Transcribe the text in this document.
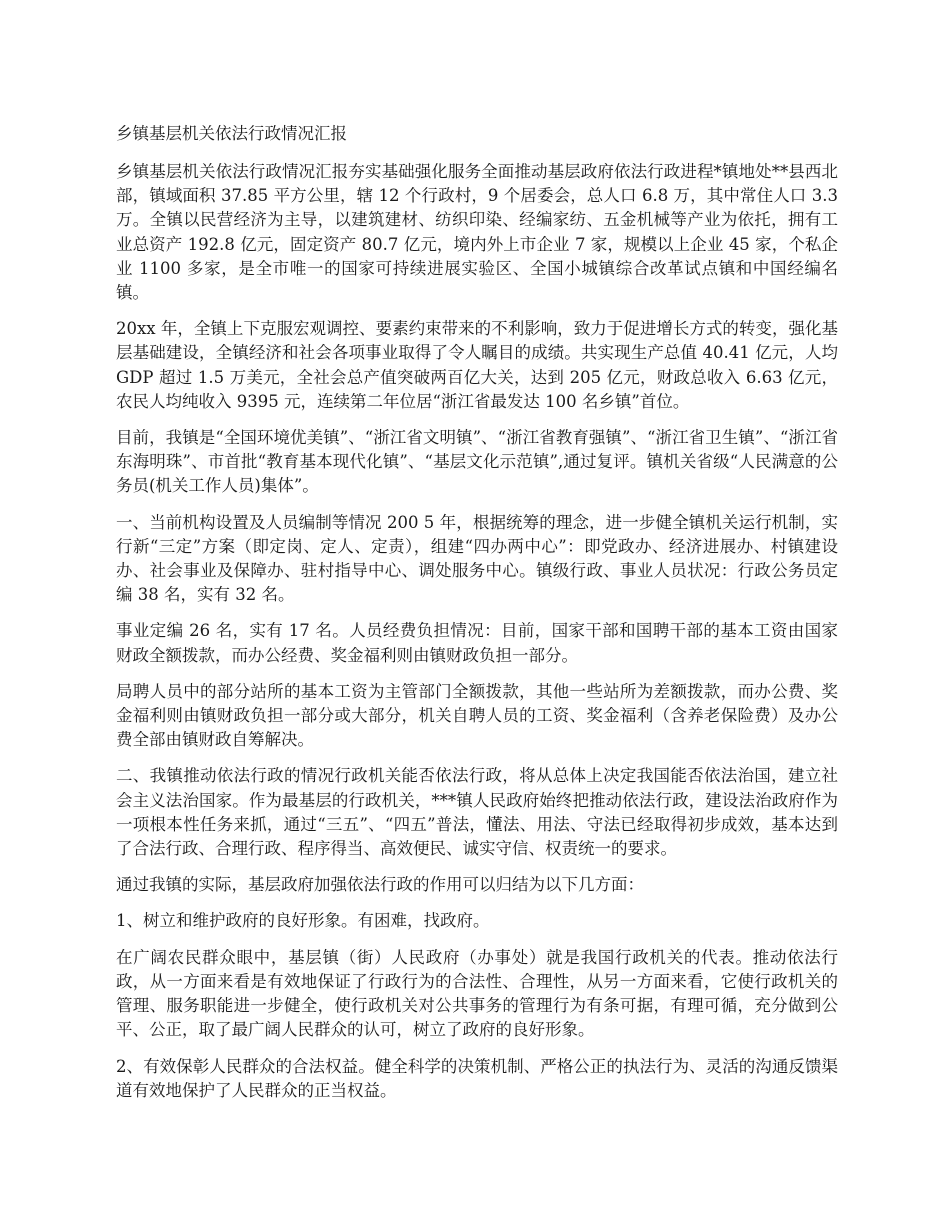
乡镇基层机关依法行政情况汇报

乡镇基层机关依法行政情况汇报夯实基础强化服务全面推动基层政府依法行政进程*镇地处**县西北部，镇域面积 37.85 平方公里，辖 12 个行政村，9 个居委会，总人口 6.8 万，其中常住人口 3.3 万。全镇以民营经济为主导，以建筑建材、纺织印染、经编家纺、五金机械等产业为依托，拥有工业总资产 192.8 亿元，固定资产 80.7 亿元，境内外上市企业 7 家，规模以上企业 45 家，个私企业 1100 多家，是全市唯一的国家可持续进展实验区、全国小城镇综合改革试点镇和中国经编名镇。

20xx 年，全镇上下克服宏观调控、要素约束带来的不利影响，致力于促进增长方式的转变，强化基层基础建设，全镇经济和社会各项事业取得了令人瞩目的成绩。共实现生产总值 40.41 亿元，人均 GDP 超过 1.5 万美元，全社会总产值突破两百亿大关，达到 205 亿元，财政总收入 6.63 亿元，农民人均纯收入 9395 元，连续第二年位居“浙江省最发达 100 名乡镇”首位。

目前，我镇是“全国环境优美镇”、“浙江省文明镇”、“浙江省教育强镇”、“浙江省卫生镇”、“浙江省东海明珠”、市首批“教育基本现代化镇”、“基层文化示范镇”,通过复评。镇机关省级“人民满意的公务员(机关工作人员)集体”。

一、当前机构设置及人员编制等情况 200 5 年，根据统筹的理念，进一步健全镇机关运行机制，实行新“三定”方案（即定岗、定人、定责），组建“四办两中心”：即党政办、经济进展办、村镇建设办、社会事业及保障办、驻村指导中心、调处服务中心。镇级行政、事业人员状况：行政公务员定编 38 名，实有 32 名。

事业定编 26 名，实有 17 名。人员经费负担情况：目前，国家干部和国聘干部的基本工资由国家财政全额拨款，而办公经费、奖金福利则由镇财政负担一部分。

局聘人员中的部分站所的基本工资为主管部门全额拨款，其他一些站所为差额拨款，而办公费、奖金福利则由镇财政负担一部分或大部分，机关自聘人员的工资、奖金福利（含养老保险费）及办公费全部由镇财政自筹解决。

二、我镇推动依法行政的情况行政机关能否依法行政，将从总体上决定我国能否依法治国，建立社会主义法治国家。作为最基层的行政机关，***镇人民政府始终把推动依法行政，建设法治政府作为一项根本性任务来抓，通过“三五”、“四五”普法，懂法、用法、守法已经取得初步成效，基本达到了合法行政、合理行政、程序得当、高效便民、诚实守信、权责统一的要求。

通过我镇的实际，基层政府加强依法行政的作用可以归结为以下几方面：

1、树立和维护政府的良好形象。有困难，找政府。

在广阔农民群众眼中，基层镇（街）人民政府（办事处）就是我国行政机关的代表。推动依法行政，从一方面来看是有效地保证了行政行为的合法性、合理性，从另一方面来看，它使行政机关的管理、服务职能进一步健全，使行政机关对公共事务的管理行为有条可据，有理可循，充分做到公平、公正，取了最广阔人民群众的认可，树立了政府的良好形象。

2、有效保彰人民群众的合法权益。健全科学的决策机制、严格公正的执法行为、灵活的沟通反馈渠道有效地保护了人民群众的正当权益。
